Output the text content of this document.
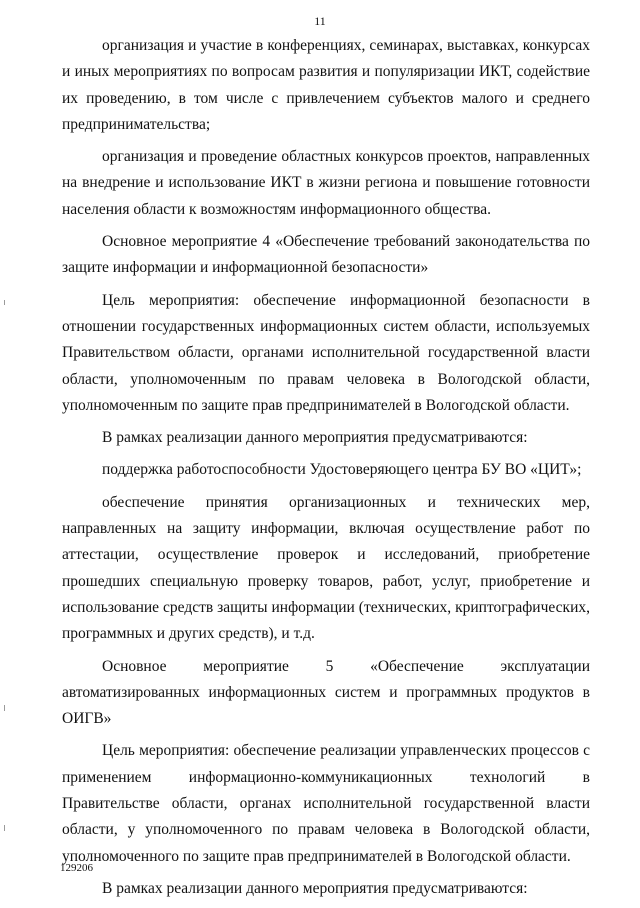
11

организация и участие в конференциях, семинарах, выставках, конкурсах и иных мероприятиях по вопросам развития и популяризации ИКТ, содействие их проведению, в том числе с привлечением субъектов малого и среднего предпринимательства;

организация и проведение областных конкурсов проектов, направленных на внедрение и использование ИКТ в жизни региона и повышение готовности населения области к возможностям информационного общества.

Основное мероприятие 4 «Обеспечение требований законодательства по защите информации и информационной безопасности»

Цель мероприятия: обеспечение информационной безопасности в отношении государственных информационных систем области, используемых Правительством области, органами исполнительной государственной власти области, уполномоченным по правам человека в Вологодской области, уполномоченным по защите прав предпринимателей в Вологодской области.

В рамках реализации данного мероприятия предусматриваются:

поддержка работоспособности Удостоверяющего центра БУ ВО «ЦИТ»;

обеспечение принятия организационных и технических мер, направленных на защиту информации, включая осуществление работ по аттестации, осуществление проверок и исследований, приобретение прошедших специальную проверку товаров, работ, услуг, приобретение и использование средств защиты информации (технических, криптографических, программных и других средств), и т.д.

Основное мероприятие 5 «Обеспечение эксплуатации автоматизированных информационных систем и программных продуктов в ОИГВ»

Цель мероприятия: обеспечение реализации управленческих процессов с применением информационно-коммуникационных технологий в Правительстве области, органах исполнительной государственной власти области, у уполномоченного по правам человека в Вологодской области, уполномоченного по защите прав предпринимателей в Вологодской области.

В рамках реализации данного мероприятия предусматриваются:

129206
